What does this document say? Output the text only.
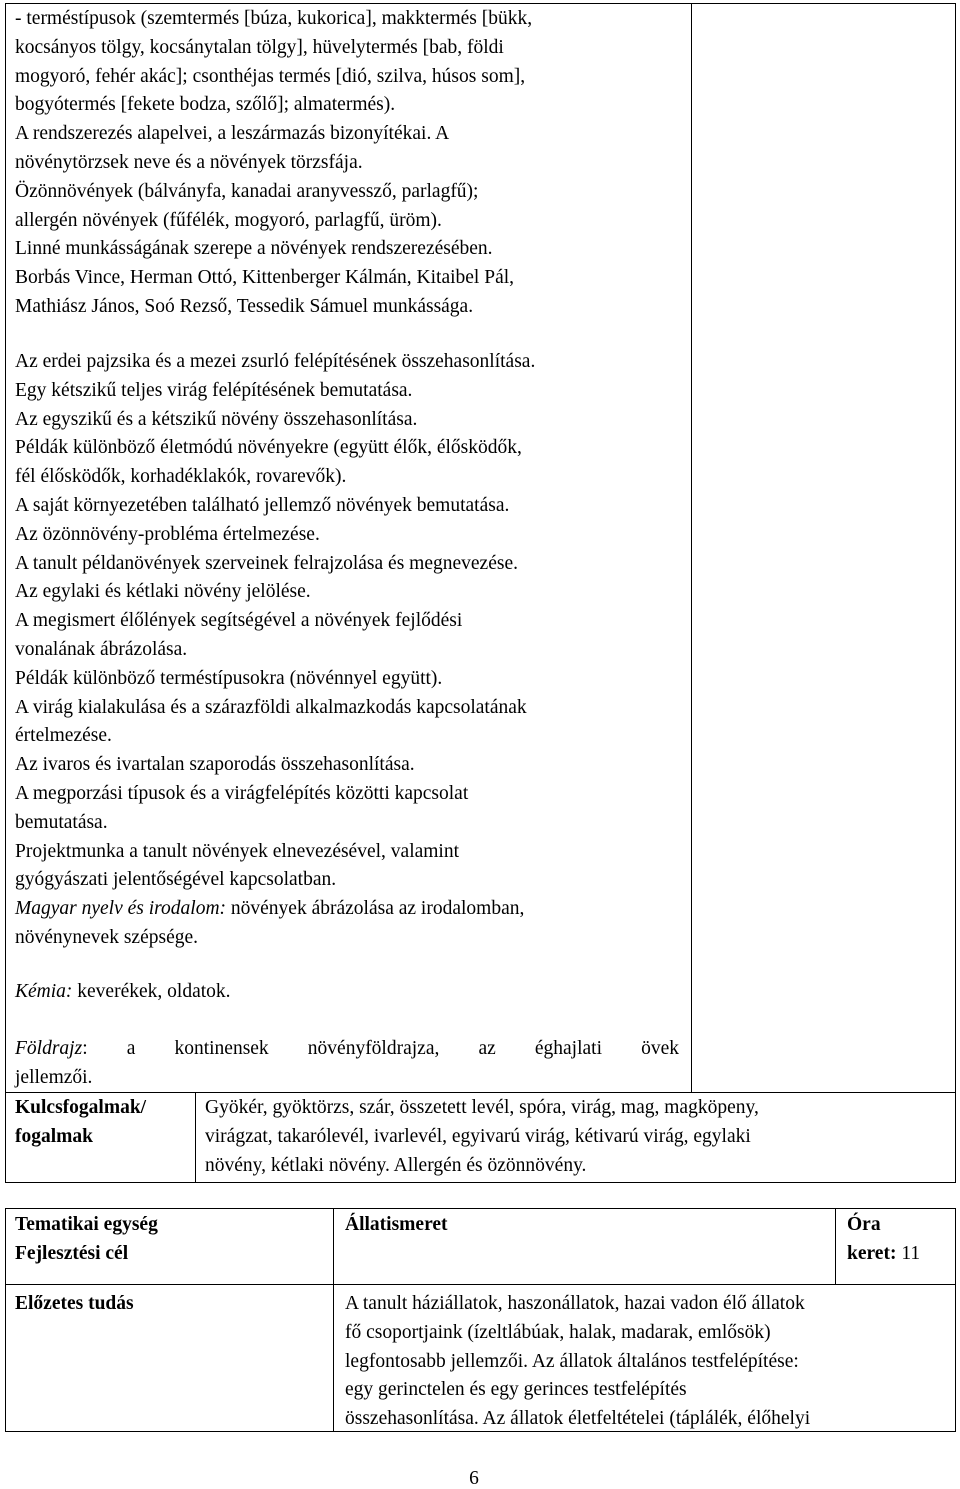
- terméstípusok (szemtermés [búza, kukorica], makktermés [bükk,
kocsányos tölgy, kocsánytalan tölgy], hüvelytermés [bab, földi
mogyoró, fehér akác]; csonthéjas termés [dió, szilva, húsos som],
bogyótermés [fekete bodza, szőlő]; almatermés).
A rendszerezés alapelvei, a leszármazás bizonyítékai. A
növénytörzsek neve és a növények törzsfája.
Özönnövények (bálványfa, kanadai aranyvessző, parlagfű);
allergén növények (fűfélék, mogyoró, parlagfű, üröm).
Linné munkásságának szerepe a növények rendszerezésében.
Borbás Vince, Herman Ottó, Kittenberger Kálmán, Kitaibel Pál,
Mathiász János, Soó Rezső, Tessedik Sámuel munkássága.
Az erdei pajzsika és a mezei zsurló felépítésének összehasonlítása.
Egy kétszikű teljes virág felépítésének bemutatása.
Az egyszikű és a kétszikű növény összehasonlítása.
Példák különböző életmódú növényekre (együtt élők, élősködők,
fél élősködők, korhadéklakók, rovarevők).
A saját környezetében található jellemző növények bemutatása.
Az özönnövény-probléma értelmezése.
A tanult példanövények szerveinek felrajzolása és megnevezése.
Az egylaki és kétlaki növény jelölése.
A megismert élőlények segítségével a növények fejlődési
vonalának ábrázolása.
Példák különböző terméstípusokra (növénnyel együtt).
A virág kialakulása és a szárazföldi alkalmazkodás kapcsolatának
értelmezése.
Az ivaros és ivartalan szaporodás összehasonlítása.
A megporzási típusok és a virágfelépítés közötti kapcsolat
bemutatása.
Projektmunka a tanult növények elnevezésével, valamint
gyógyászati jelentőségével kapcsolatban.
Magyar nyelv és irodalom: növények ábrázolása az irodalomban,
növénynevek szépsége.
Kémia: keverékek, oldatok.
Földrajz: a kontinensek növényföldrajza, az éghajlati övek
jellemzői.
Kulcsfogalmak/
fogalmak
Gyökér, gyöktörzs, szár, összetett levél, spóra, virág, mag, magköpeny,
virágzat, takarólevél, ivarlevél, egyivarú virág, kétivarú virág, egylaki
növény, kétlaki növény. Allergén és özönnövény.
Tematikai egység
Fejlesztési cél
Állatismeret	Óra
keret: 11
Előzetes tudás	A tanult háziállatok, haszonállatok, hazai vadon élő állatok
fő csoportjaink (ízeltlábúak, halak, madarak, emlősök)
legfontosabb jellemzői. Az állatok általános testfelépítése:
egy gerinctelen és egy gerinces testfelépítés
összehasonlítása. Az állatok életfeltételei (táplálék, élőhelyi
6
